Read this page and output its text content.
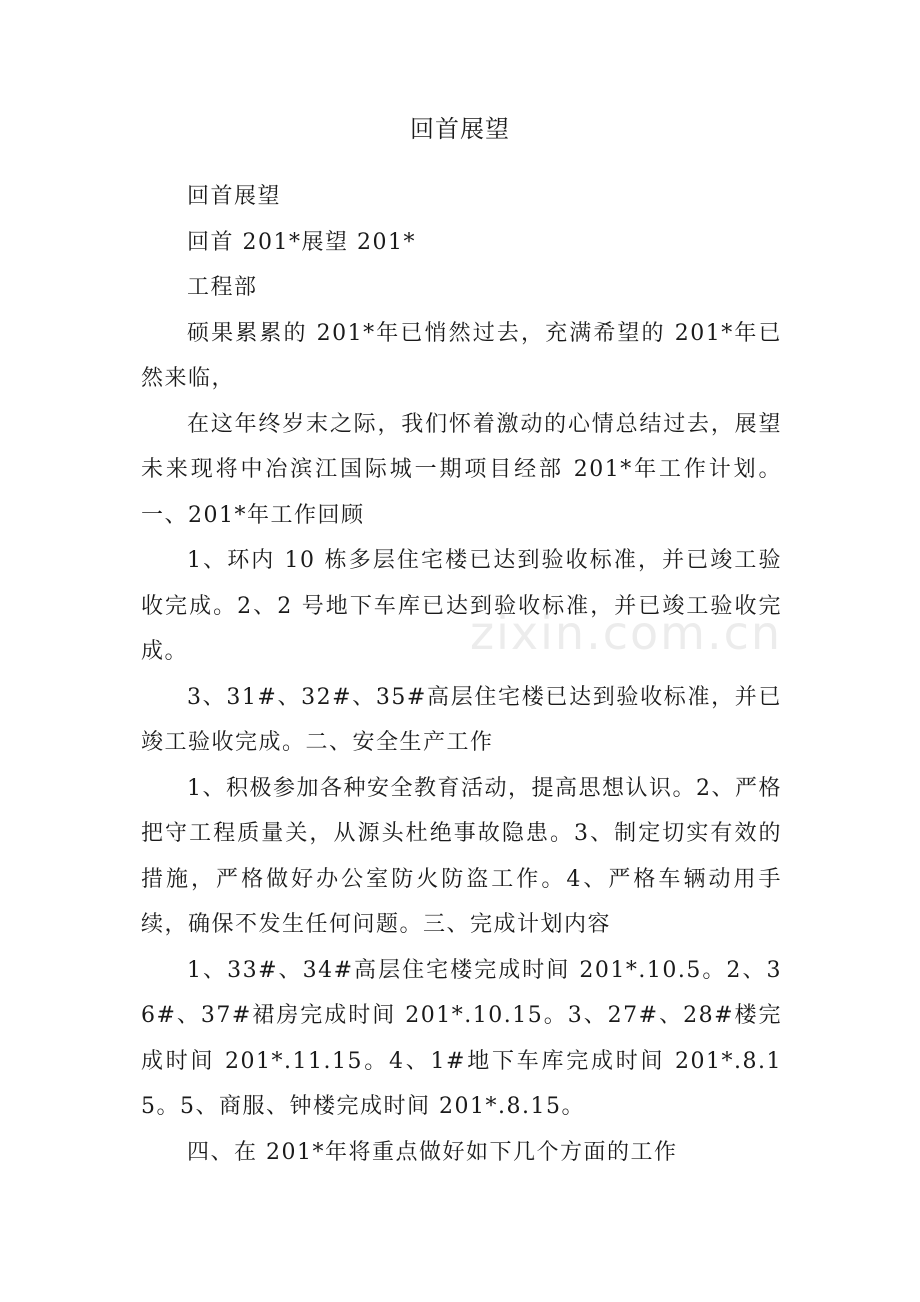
回首展望

回首展望

回首 201*展望 201*

工程部

硕果累累的 201*年已悄然过去，充满希望的 201*年已然来临，

在这年终岁末之际，我们怀着激动的心情总结过去，展望未来现将中冶滨江国际城一期项目经部 201*年工作计划。 一、201*年工作回顾

1、环内 10 栋多层住宅楼已达到验收标准，并已竣工验收完成。2、2 号地下车库已达到验收标准，并已竣工验收完成。

3、31#、32#、35#高层住宅楼已达到验收标准，并已竣工验收完成。二、安全生产工作

1、积极参加各种安全教育活动，提高思想认识。2、严格把守工程质量关，从源头杜绝事故隐患。3、制定切实有效的措施，严格做好办公室防火防盗工作。4、严格车辆动用手续，确保不发生任何问题。三、完成计划内容

1、33#、34#高层住宅楼完成时间 201*.10.5。2、36#、37#裙房完成时间 201*.10.15。3、27#、28#楼完成时间 201*.11.15。4、1#地下车库完成时间 201*.8.15。5、商服、钟楼完成时间 201*.8.15。

四、在 201*年将重点做好如下几个方面的工作

zixin.com.cn
